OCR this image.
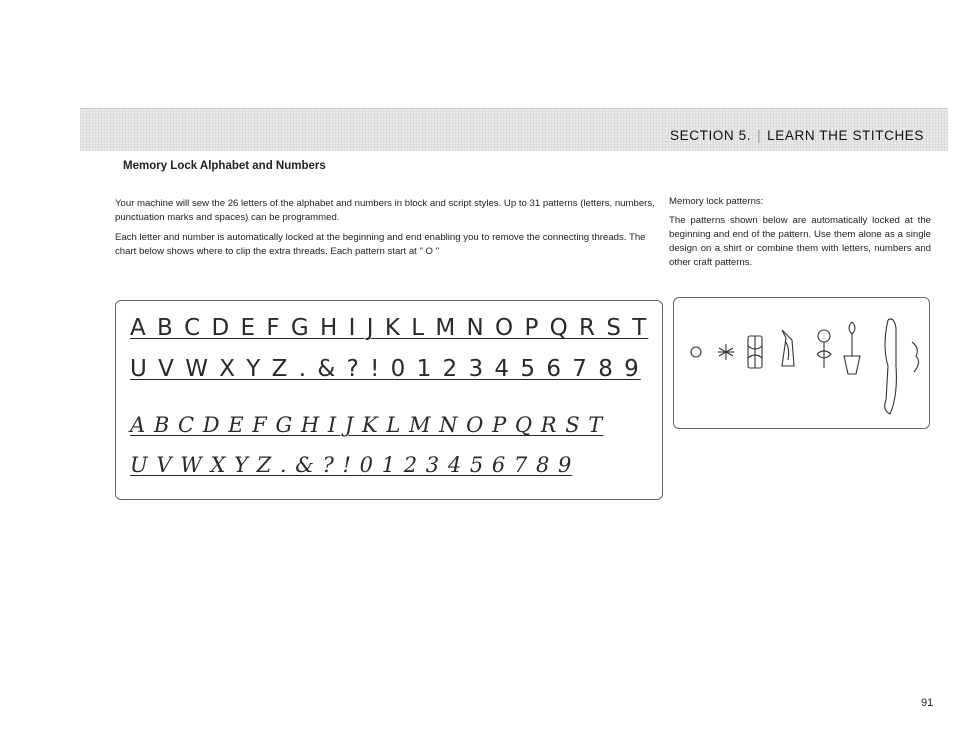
SECTION 5. | LEARN THE STITCHES
Memory Lock Alphabet and Numbers
Your machine will sew the 26 letters of the alphabet and numbers in block and script styles. Up to 31 patterns (letters, numbers, punctuation marks and spaces) can be programmed.
Each letter and number is automatically locked at the beginning and end enabling you to remove the connecting threads. The chart below shows where to clip the extra threads. Each pattern start at " O "
Memory lock patterns:
The patterns shown below are automatically locked at the beginning and end of the pattern. Use them alone as a single design on a shirt or combine them with letters, numbers and other craft patterns.
A B C D E F G H I J K L M N O P Q R S T
U V W X Y Z . & ? ! 0 1 2 3 4 5 6 7 8 9
A B C D E F G H I J K L M N O P Q R S T
U V W X Y Z . & ? ! 0 1 2 3 4 5 6 7 8 9
91
